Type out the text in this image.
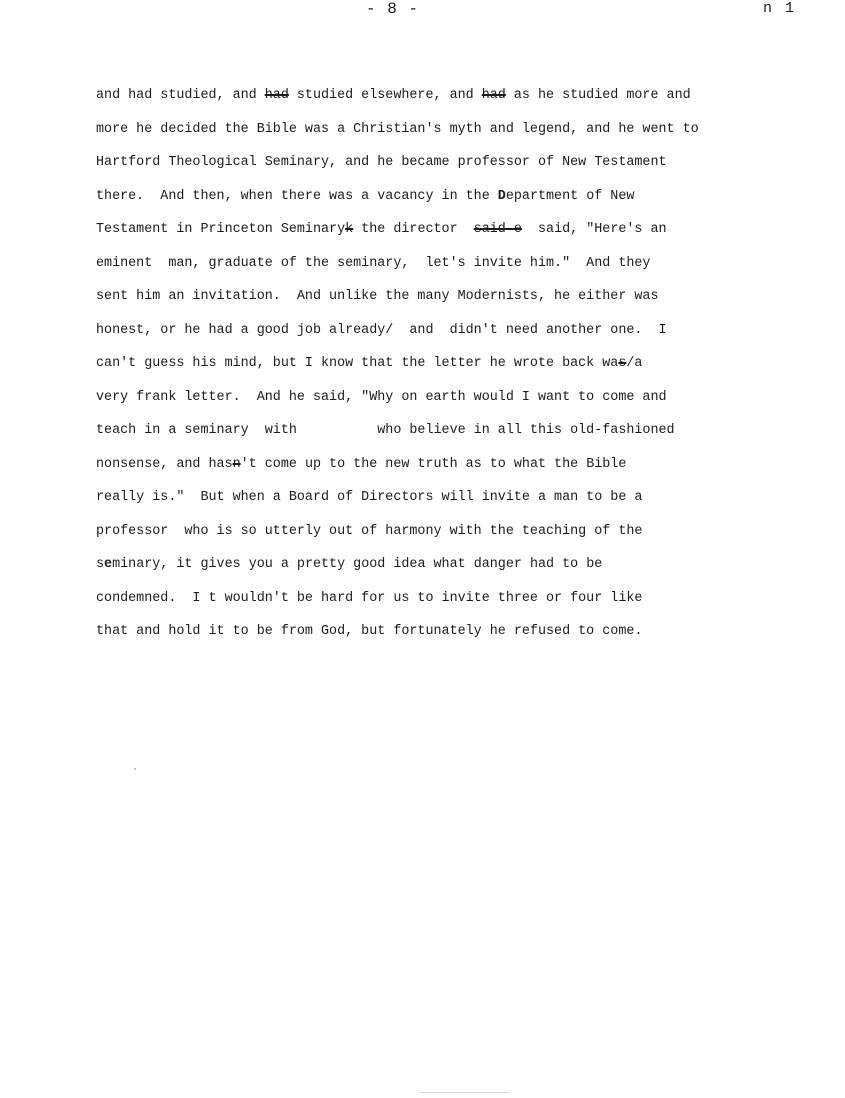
- 8 -	n 1
and had studied, and had studied elsewhere, and had as he studied more and
more he decided the Bible was a Christian's myth and legend, and he went to
Hartford Theological Seminary, and he became professor of New Testament
there.  And then, when there was a vacancy in the Department of New
Testament in Princeton Seminaryk the director  said-e  said, "Here's an
eminent  man, graduate of the seminary,  let's invite him."  And they
sent him an invitation.  And unlike the many Modernists, he either was
honest, or he had a good job already/  and  didn't need another one.  I
can't guess his mind, but I know that the letter he wrote back was/a
very frank letter.  And he said, "Why on earth would I want to come and
teach in a seminary  with          who believe in all this old-fashioned
nonsense, and hasn't come up to the new truth as to what the Bible
really is."  But when a Board of Directors will invite a man to be a
professor  who is so utterly out of harmony with the teaching of the
seminary, it gives you a pretty good idea what danger had to be
condemned.  I t wouldn't be hard for us to invite three or four like
that and hold it to be from God, but fortunately he refused to come.
